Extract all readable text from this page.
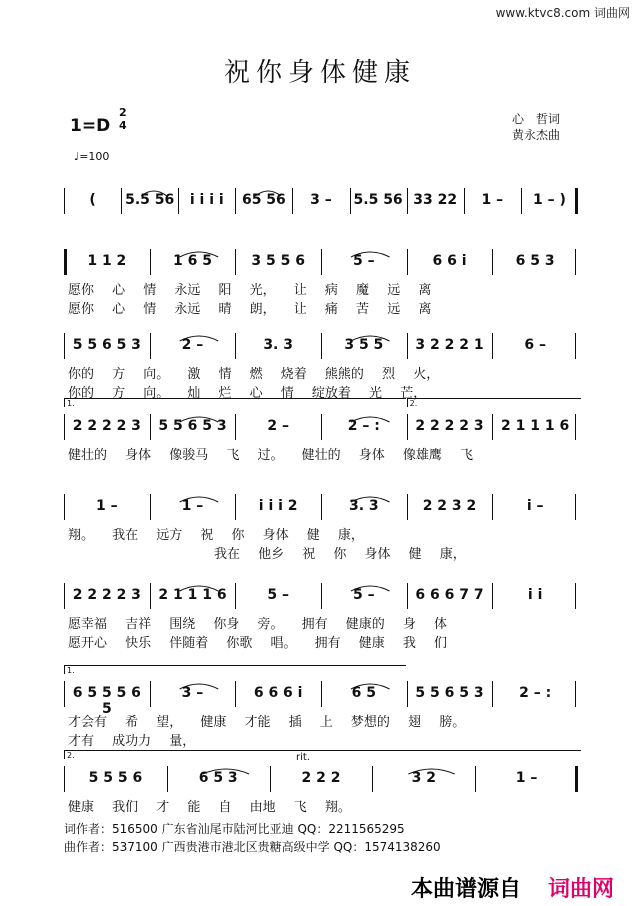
www.ktvc8.com 词曲网
祝你身体健康
1=D
2
4
♩=100
心　哲词
黄永杰曲
(	5.5 56	i i i i	65 56	3 –	5.5 56 33 22	1 –	1 – )
1 1 2	1 6 5	3 5 5 6	5 –	6 6 i	6 5 3
愿你 心 情 永远 阳 光， 让 病 魔 远 离
愿你 心 情 永远 晴 朗， 让 痛 苦 远 离
5 5 6 5 3	2 –	3. 3	3 5 5	3 2 2 2 1	6 –
你的 方 向。 激 情 燃 烧着 熊熊的 烈 火，
你的 方 向。 灿 烂 心 情 绽放着 光 芒，
2 2 2 2 3	5 5 6 5 3	2 –	2 – :	2 2 2 2 3	2 1 1 1 6
1.	2.
健壮的 身体 像骏马 飞 过。 健壮的 身体 像雄鹰 飞
1 –	1 –	i i i 2	3. 3	2 2 3 2	i –
翔。 我在 远方 祝 你 身体 健 康，
我在 他乡 祝 你 身体 健 康，
2 2 2 2 3	2 1 1 1 6	5 –	5 –	6 6 6 7 7	i i
愿幸福 吉祥 围绕 你身 旁。 拥有 健康的 身 体
愿开心 快乐 伴随着 你歌 唱。 拥有 健康 我 们
6 5 5 5 6 5
3 –	6 6 6 i	6 5	5 5 6 5 3	2 – :
1.
才会有 希 望， 健康 才能 插 上 梦想的 翅 膀。
才有 成功力 量，
5 5 5 6	6 5 3	2 2 2	3 2	1 –
2.	rit.
健康 我们 才 能 自 由地 飞 翔。
词作者：516500 广东省汕尾市陆河比亚迪 QQ：2211565295
曲作者：537100 广西贵港市港北区贵糖高级中学 QQ：1574138260
本曲谱源自 词曲网
